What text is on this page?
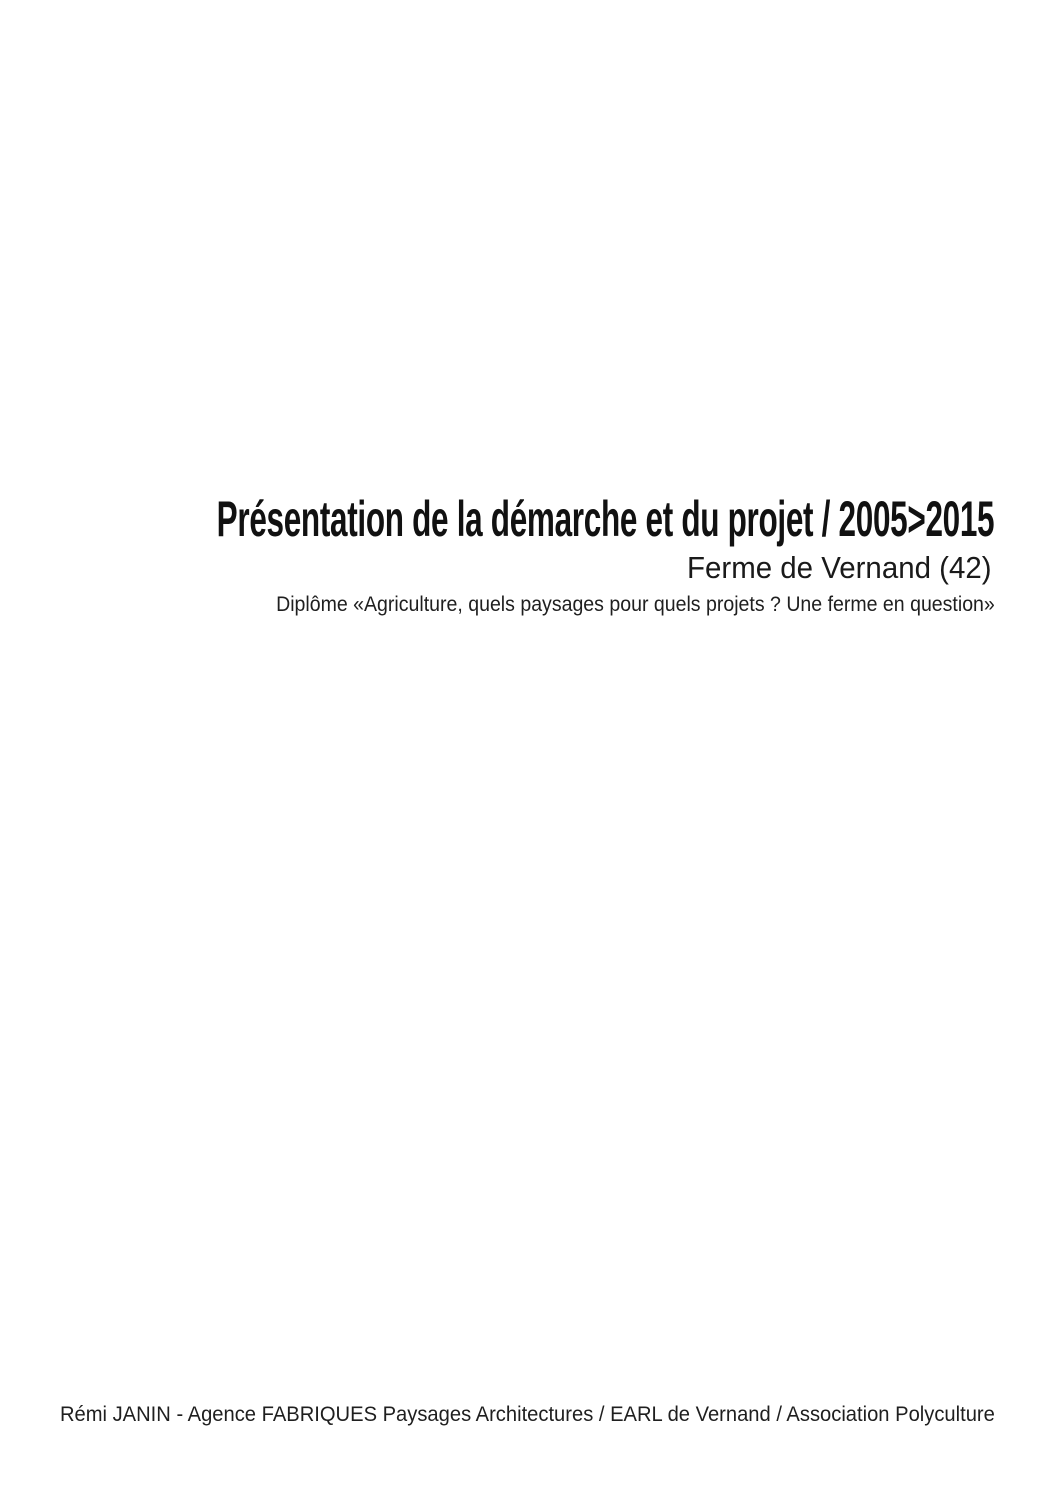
Présentation de la démarche et du projet / 2005>2015
Ferme de Vernand (42)
Diplôme «Agriculture, quels paysages pour quels projets ? Une ferme en question»
Rémi JANIN - Agence FABRIQUES Paysages Architectures / EARL de Vernand / Association Polyculture
